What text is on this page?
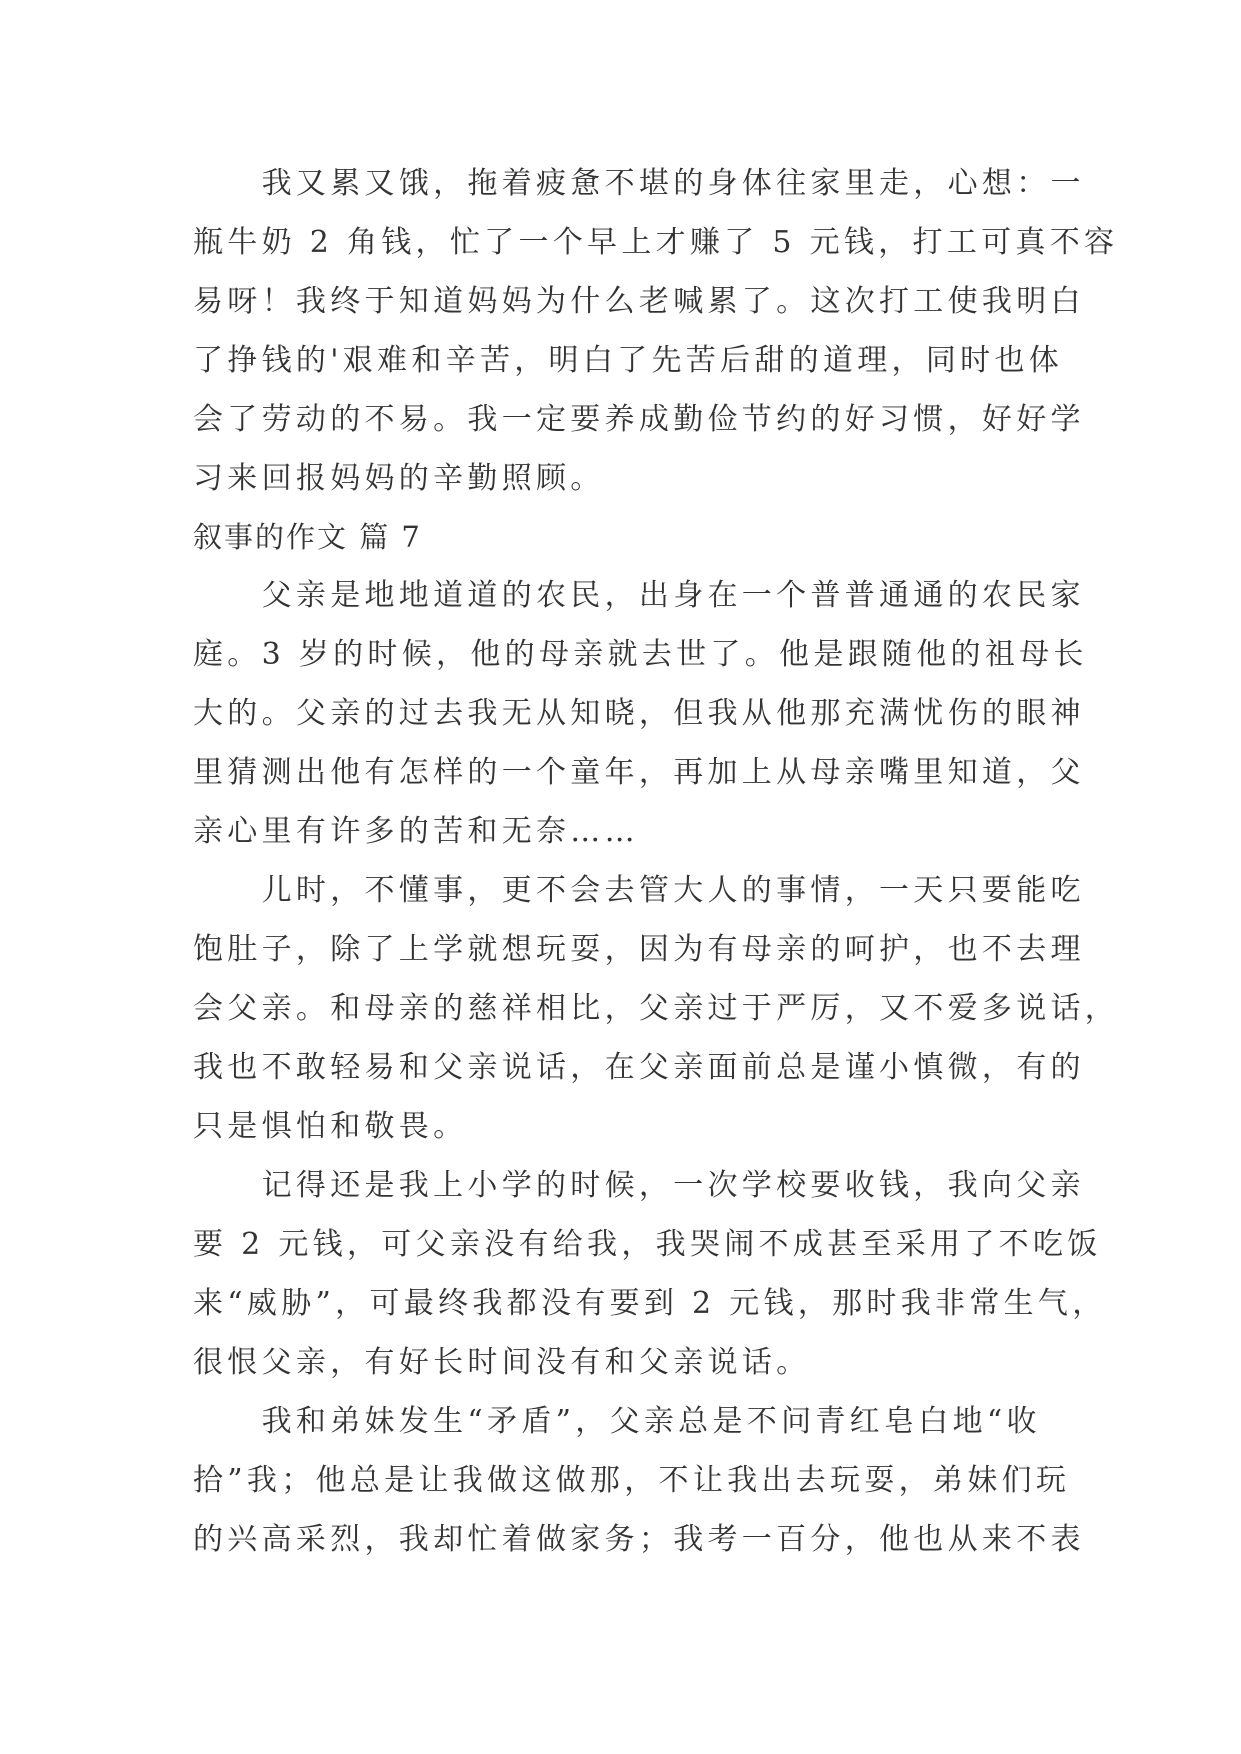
　　我又累又饿，拖着疲惫不堪的身体往家里走，心想：一
瓶牛奶 2 角钱，忙了一个早上才赚了 5 元钱，打工可真不容
易呀！我终于知道妈妈为什么老喊累了。这次打工使我明白
了挣钱的'艰难和辛苦，明白了先苦后甜的道理，同时也体
会了劳动的不易。我一定要养成勤俭节约的好习惯，好好学
习来回报妈妈的辛勤照顾。
叙事的作文 篇 7
　　父亲是地地道道的农民，出身在一个普普通通的农民家
庭。3 岁的时候，他的母亲就去世了。他是跟随他的祖母长
大的。父亲的过去我无从知晓，但我从他那充满忧伤的眼神
里猜测出他有怎样的一个童年，再加上从母亲嘴里知道，父
亲心里有许多的苦和无奈……
　　儿时，不懂事，更不会去管大人的事情，一天只要能吃
饱肚子，除了上学就想玩耍，因为有母亲的呵护，也不去理
会父亲。和母亲的慈祥相比，父亲过于严厉，又不爱多说话，
我也不敢轻易和父亲说话，在父亲面前总是谨小慎微，有的
只是惧怕和敬畏。
　　记得还是我上小学的时候，一次学校要收钱，我向父亲
要 2 元钱，可父亲没有给我，我哭闹不成甚至采用了不吃饭
来“威胁”，可最终我都没有要到 2 元钱，那时我非常生气，
很恨父亲，有好长时间没有和父亲说话。
　　我和弟妹发生“矛盾”，父亲总是不问青红皂白地“收
拾”我；他总是让我做这做那，不让我出去玩耍，弟妹们玩
的兴高采烈，我却忙着做家务；我考一百分，他也从来不表
